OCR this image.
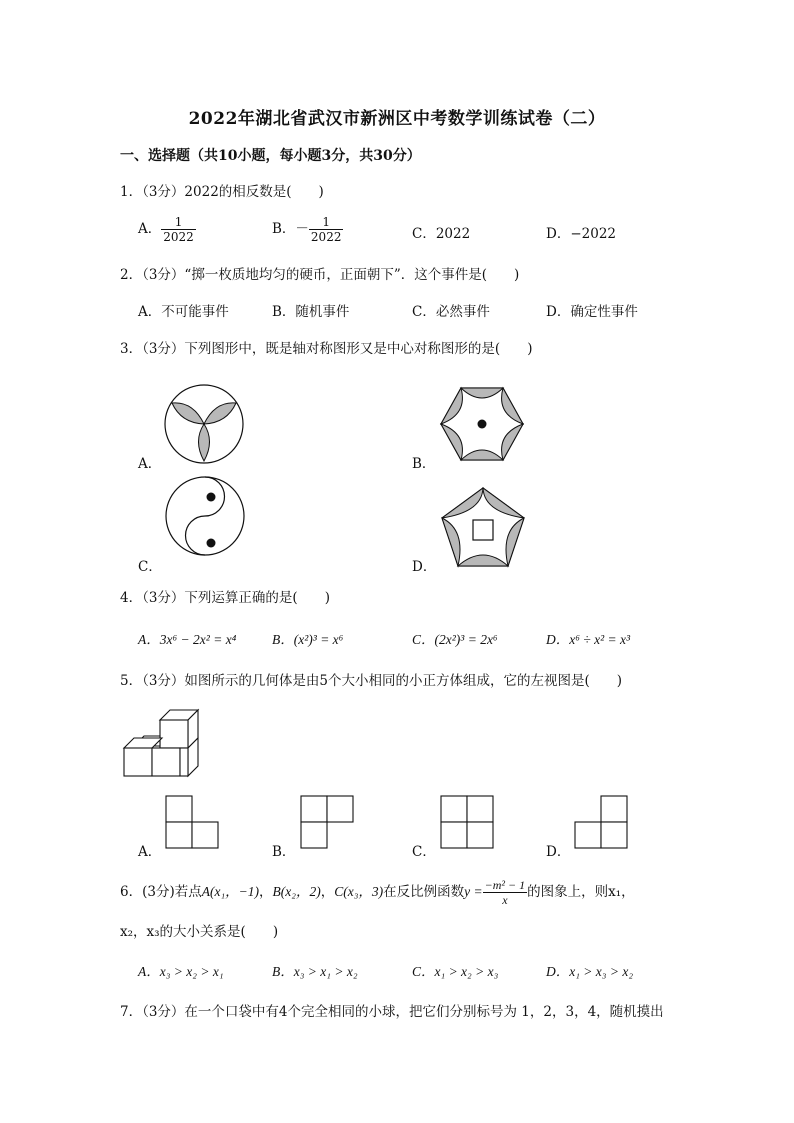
2022年湖北省武汉市新洲区中考数学训练试卷（二）
一、选择题（共10小题，每小题3分，共30分）
1．（3分）2022的相反数是(　　)
A． $\frac{1}{2022}$	B．－ $\frac{1}{2022}$	C．2022	D．−2022
2．（3分）“掷一枚质地均匀的硬币，正面朝下”．这个事件是(　　)
A．不可能事件	B．随机事件	C．必然事件	D．确定性事件
3．（3分）下列图形中，既是轴对称图形又是中心对称图形的是(　　)
A．	B．
C．	D．
4．（3分）下列运算正确的是(　　)
A．3x⁶ − 2x² = x⁴	B．(x²)³ = x⁶	C．(2x²)³ = 2x⁶	D．x⁶ ÷ x² = x³
5．（3分）如图所示的几何体是由5个大小相同的小正方体组成，它的左视图是(　　)
A．	B．	C．	D．
6．(3分)若点A(x₁，−1)，B(x₂，2)，C(x₃，3)在反比例函数$y = \frac{\text{−m² − 1}}{x}$ 的图象上，则x₁，
x₂，x₃的大小关系是(　　)
A．x₃ > x₂ > x₁	B．x₃ > x₁ > x₂	C．x₁ > x₂ > x₃	D．x₁ > x₃ > x₂
7．（3分）在一个口袋中有4个完全相同的小球，把它们分别标号为 1，2，3，4，随机摸出
